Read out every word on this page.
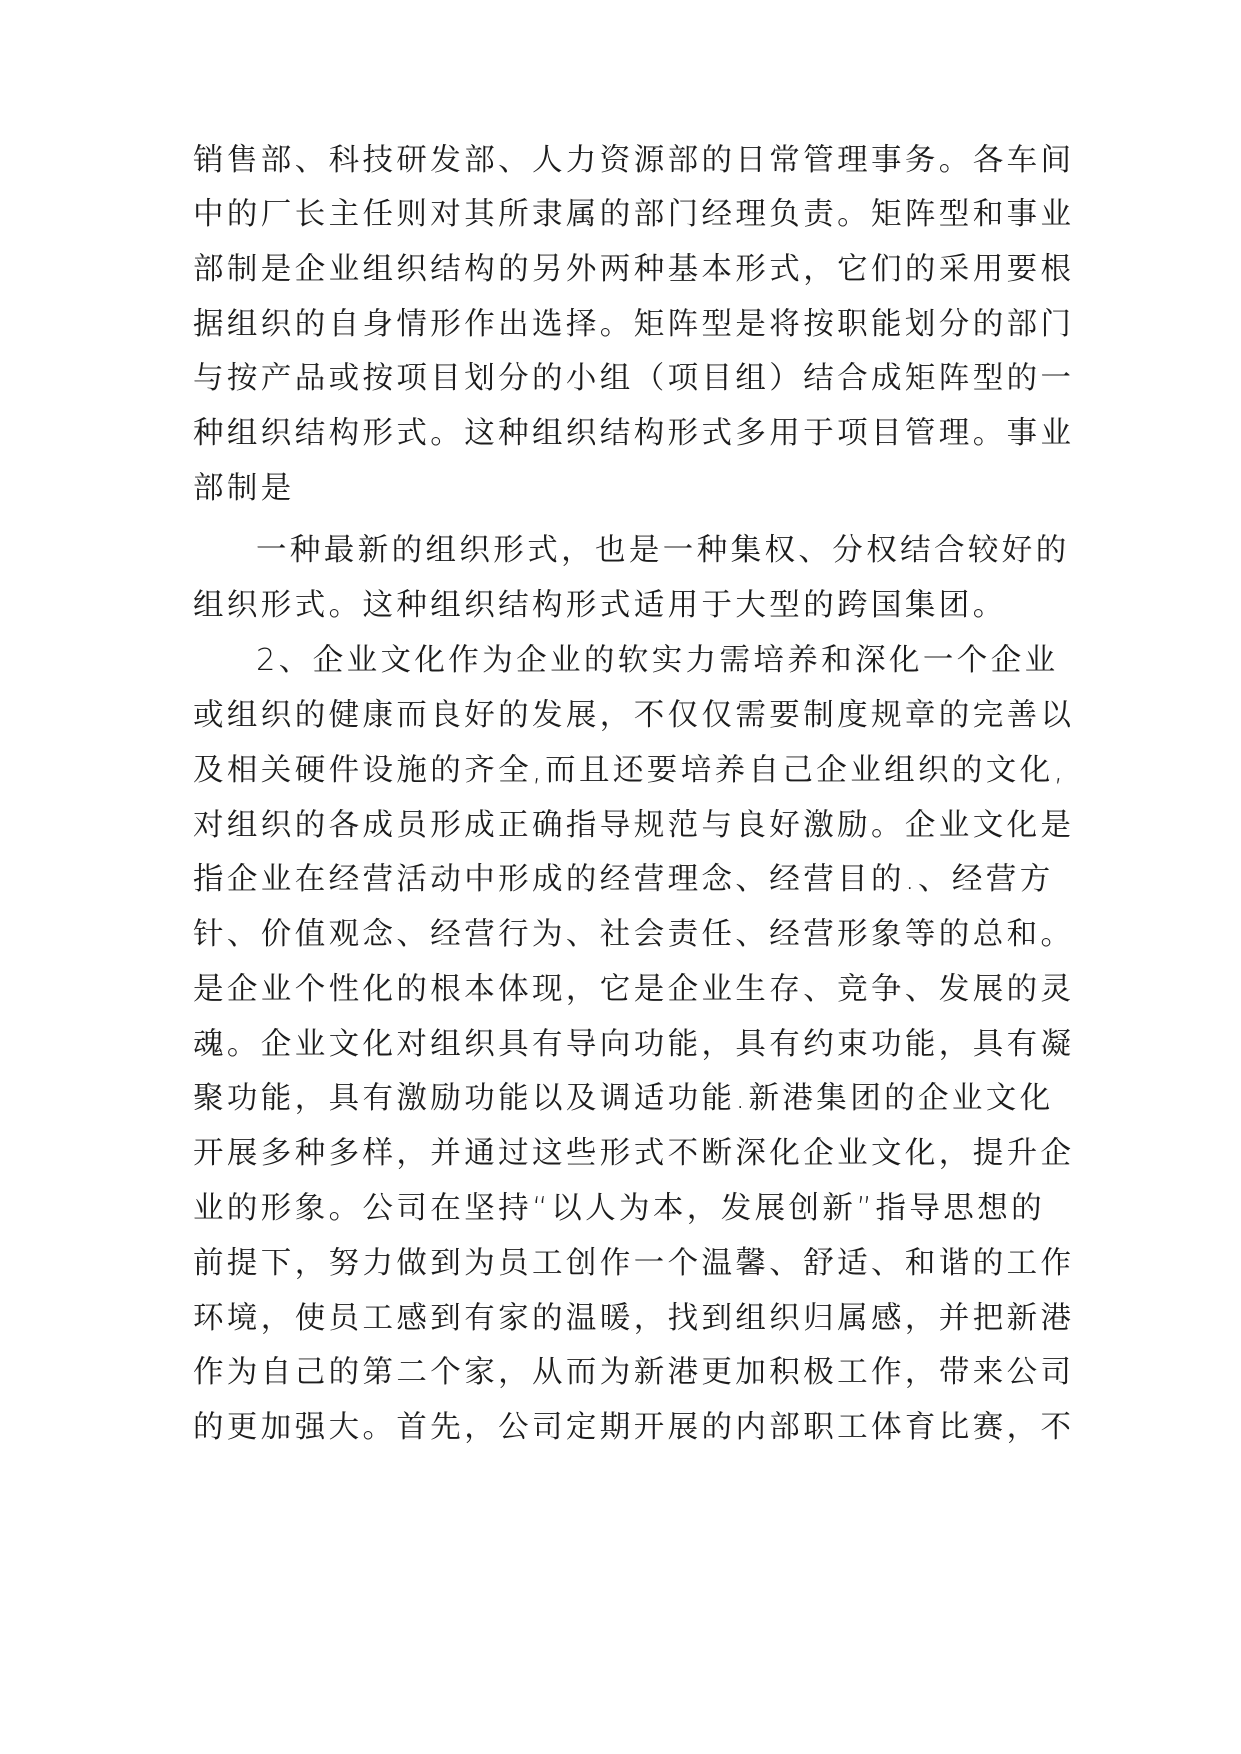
销售部、科技研发部、人力资源部的日常管理事务。各车间
中的厂长主任则对其所隶属的部门经理负责。矩阵型和事业
部制是企业组织结构的另外两种基本形式，它们的采用要根
据组织的自身情形作出选择。矩阵型是将按职能划分的部门
与按产品或按项目划分的小组（项目组）结合成矩阵型的一
种组织结构形式。这种组织结构形式多用于项目管理。事业
部制是
一种最新的组织形式，也是一种集权、分权结合较好的
组织形式。这种组织结构形式适用于大型的跨国集团。
2、企业文化作为企业的软实力需培养和深化一个企业
或组织的健康而良好的发展，不仅仅需要制度规章的完善以
及相关硬件设施的齐全,而且还要培养自己企业组织的文化,
对组织的各成员形成正确指导规范与良好激励。企业文化是
指企业在经营活动中形成的经营理念、经营目的.、经营方
针、价值观念、经营行为、社会责任、经营形象等的总和。
是企业个性化的根本体现，它是企业生存、竞争、发展的灵
魂。企业文化对组织具有导向功能，具有约束功能，具有凝
聚功能，具有激励功能以及调适功能.新港集团的企业文化
开展多种多样，并通过这些形式不断深化企业文化，提升企
业的形象。公司在坚持“以人为本，发展创新”指导思想的
前提下，努力做到为员工创作一个温馨、舒适、和谐的工作
环境，使员工感到有家的温暖，找到组织归属感，并把新港
作为自己的第二个家，从而为新港更加积极工作，带来公司
的更加强大。首先，公司定期开展的内部职工体育比赛，不
